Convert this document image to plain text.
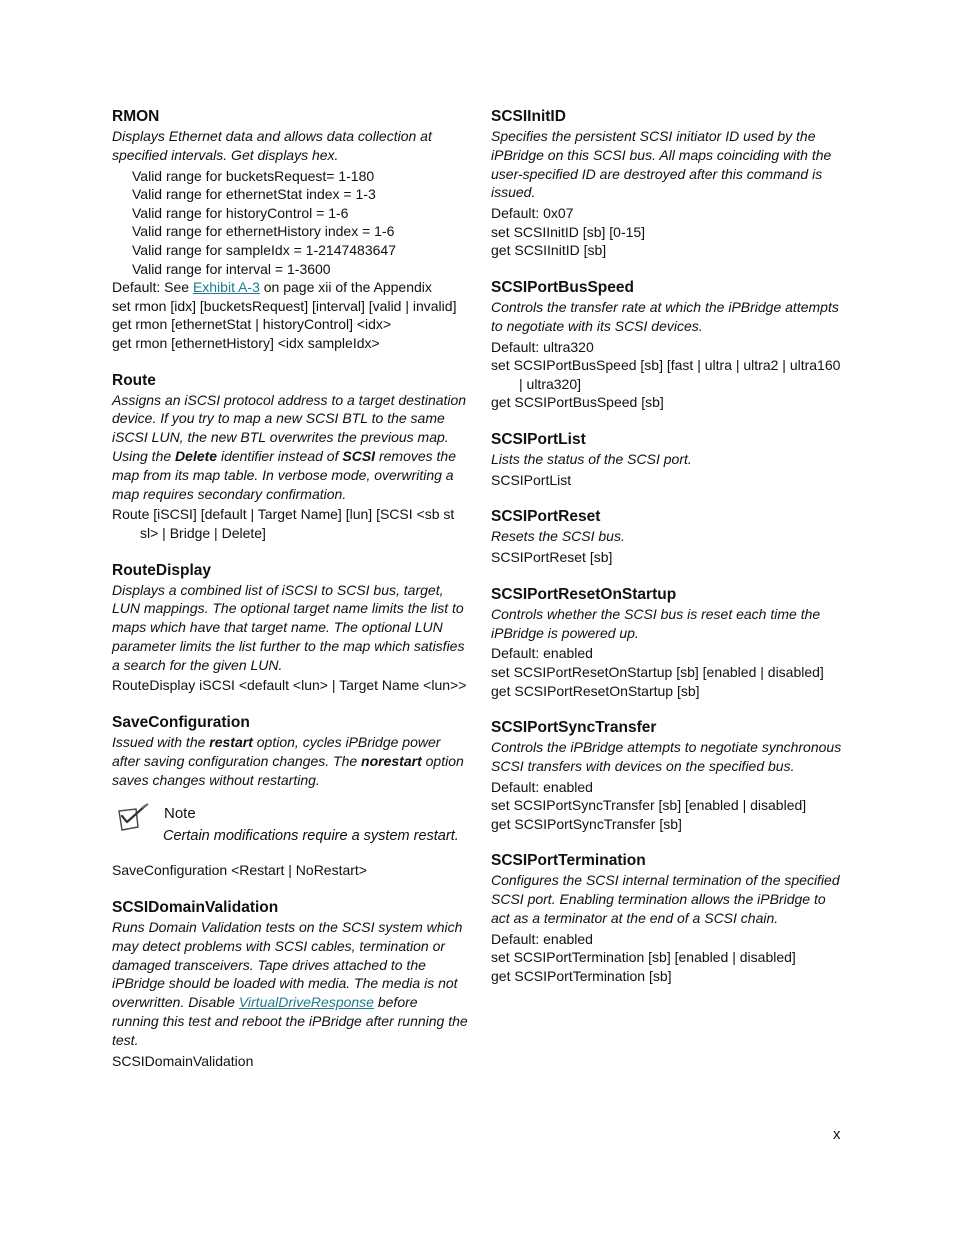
RMON

Displays Ethernet data and allows data collection at specified intervals. Get displays hex.

Valid range for bucketsRequest= 1-180

Valid range for ethernetStat index = 1-3

Valid range for historyControl = 1-6

Valid range for ethernetHistory index = 1-6

Valid range for sampleIdx = 1-2147483647

Valid range for interval = 1-3600

Default: See Exhibit A-3 on page xii of the Appendix

set rmon [idx] [bucketsRequest] [interval] [valid | invalid]

get rmon [ethernetStat | historyControl] <idx>

get rmon [ethernetHistory] <idx sampleIdx>

Route

Assigns an iSCSI protocol address to a target destination device. If you try to map a new SCSI BTL to the same iSCSI LUN, the new BTL overwrites the previous map. Using the Delete identifier instead of SCSI removes the map from its map table. In verbose mode, overwriting a map requires secondary confirmation.

Route [iSCSI] [default | Target Name] [lun] [SCSI <sb st sl> | Bridge | Delete]

RouteDisplay

Displays a combined list of iSCSI to SCSI bus, target, LUN mappings. The optional target name limits the list to maps which have that target name. The optional LUN parameter limits the list further to the map which satisfies a search for the given LUN.

RouteDisplay iSCSI <default <lun> | Target Name <lun>>

SaveConfiguration

Issued with the restart option, cycles iPBridge power after saving configuration changes. The norestart option saves changes without restarting.

Note
Certain modifications require a system restart.

SaveConfiguration <Restart | NoRestart>

SCSIDomainValidation

Runs Domain Validation tests on the SCSI system which may detect problems with SCSI cables, termination or damaged transceivers. Tape drives attached to the iPBridge should be loaded with media. The media is not overwritten. Disable VirtualDriveResponse before running this test and reboot the iPBridge after running the test.

SCSIDomainValidation

SCSIInitID

Specifies the persistent SCSI initiator ID used by the iPBridge on this SCSI bus. All maps coinciding with the user-specified ID are destroyed after this command is issued.

Default: 0x07

set SCSIInitID [sb] [0-15]

get SCSIInitID [sb]

SCSIPortBusSpeed

Controls the transfer rate at which the iPBridge attempts to negotiate with its SCSI devices.

Default: ultra320

set SCSIPortBusSpeed [sb] [fast | ultra | ultra2 | ultra160 | ultra320]

get SCSIPortBusSpeed [sb]

SCSIPortList

Lists the status of the SCSI port.

SCSIPortList

SCSIPortReset

Resets the SCSI bus.

SCSIPortReset [sb]

SCSIPortResetOnStartup

Controls whether the SCSI bus is reset each time the iPBridge is powered up.

Default: enabled

set SCSIPortResetOnStartup [sb] [enabled | disabled]

get SCSIPortResetOnStartup [sb]

SCSIPortSyncTransfer

Controls the iPBridge attempts to negotiate synchronous SCSI transfers with devices on the specified bus.

Default: enabled

set SCSIPortSyncTransfer [sb] [enabled | disabled]

get SCSIPortSyncTransfer [sb]

SCSIPortTermination

Configures the SCSI internal termination of the specified SCSI port. Enabling termination allows the iPBridge to act as a terminator at the end of a SCSI chain.

Default: enabled

set SCSIPortTermination [sb] [enabled | disabled]

get SCSIPortTermination [sb]

x
